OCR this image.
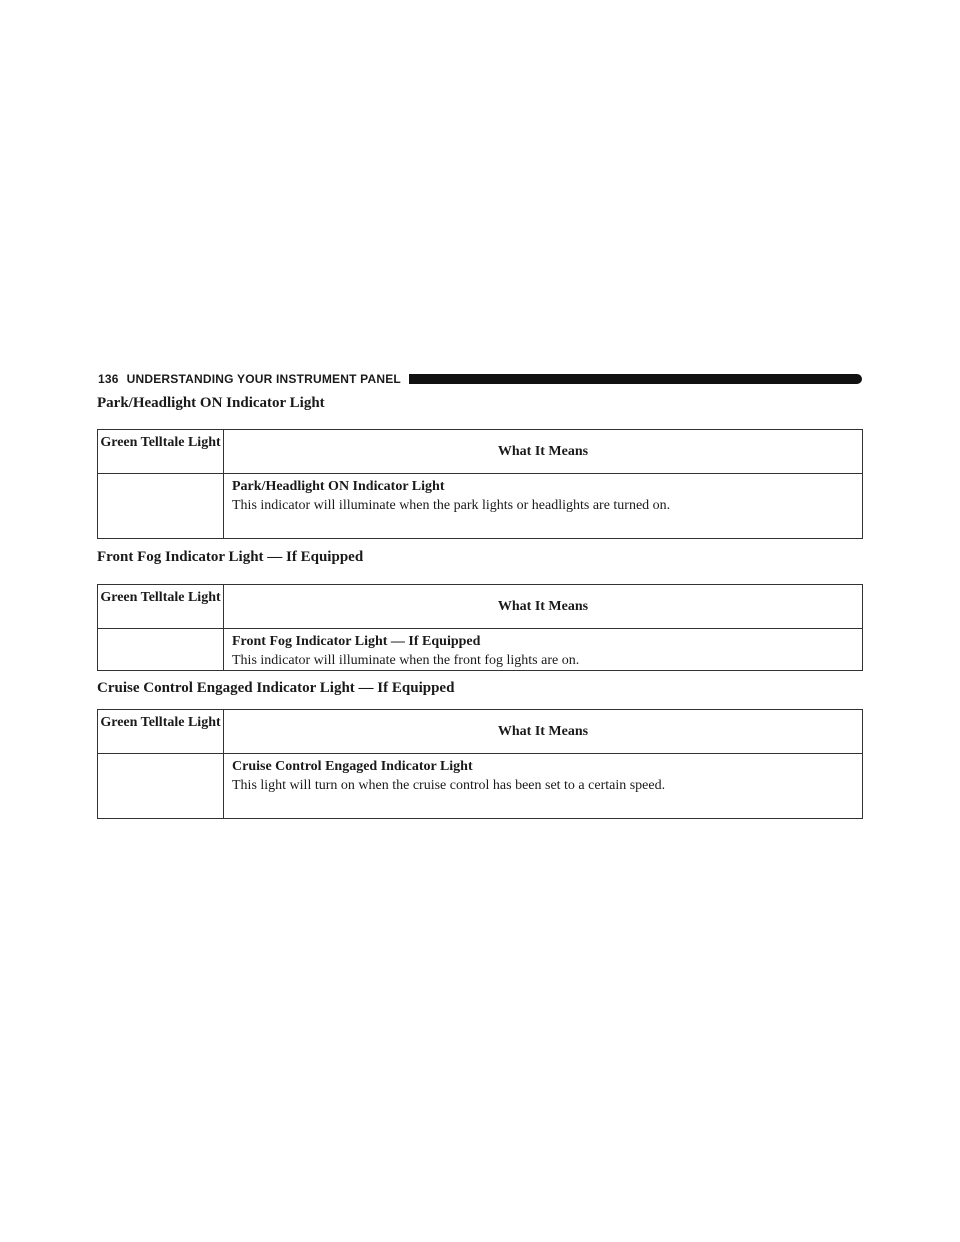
136 UNDERSTANDING YOUR INSTRUMENT PANEL
Park/Headlight ON Indicator Light
Green Telltale Light	What It Means

	Park/Headlight ON Indicator Light
This indicator will illuminate when the park lights or headlights are turned on.
Front Fog Indicator Light — If Equipped
Green Telltale Light	What It Means

	Front Fog Indicator Light — If Equipped
This indicator will illuminate when the front fog lights are on.
Cruise Control Engaged Indicator Light — If Equipped
Green Telltale Light	What It Means

	Cruise Control Engaged Indicator Light
This light will turn on when the cruise control has been set to a certain speed.
